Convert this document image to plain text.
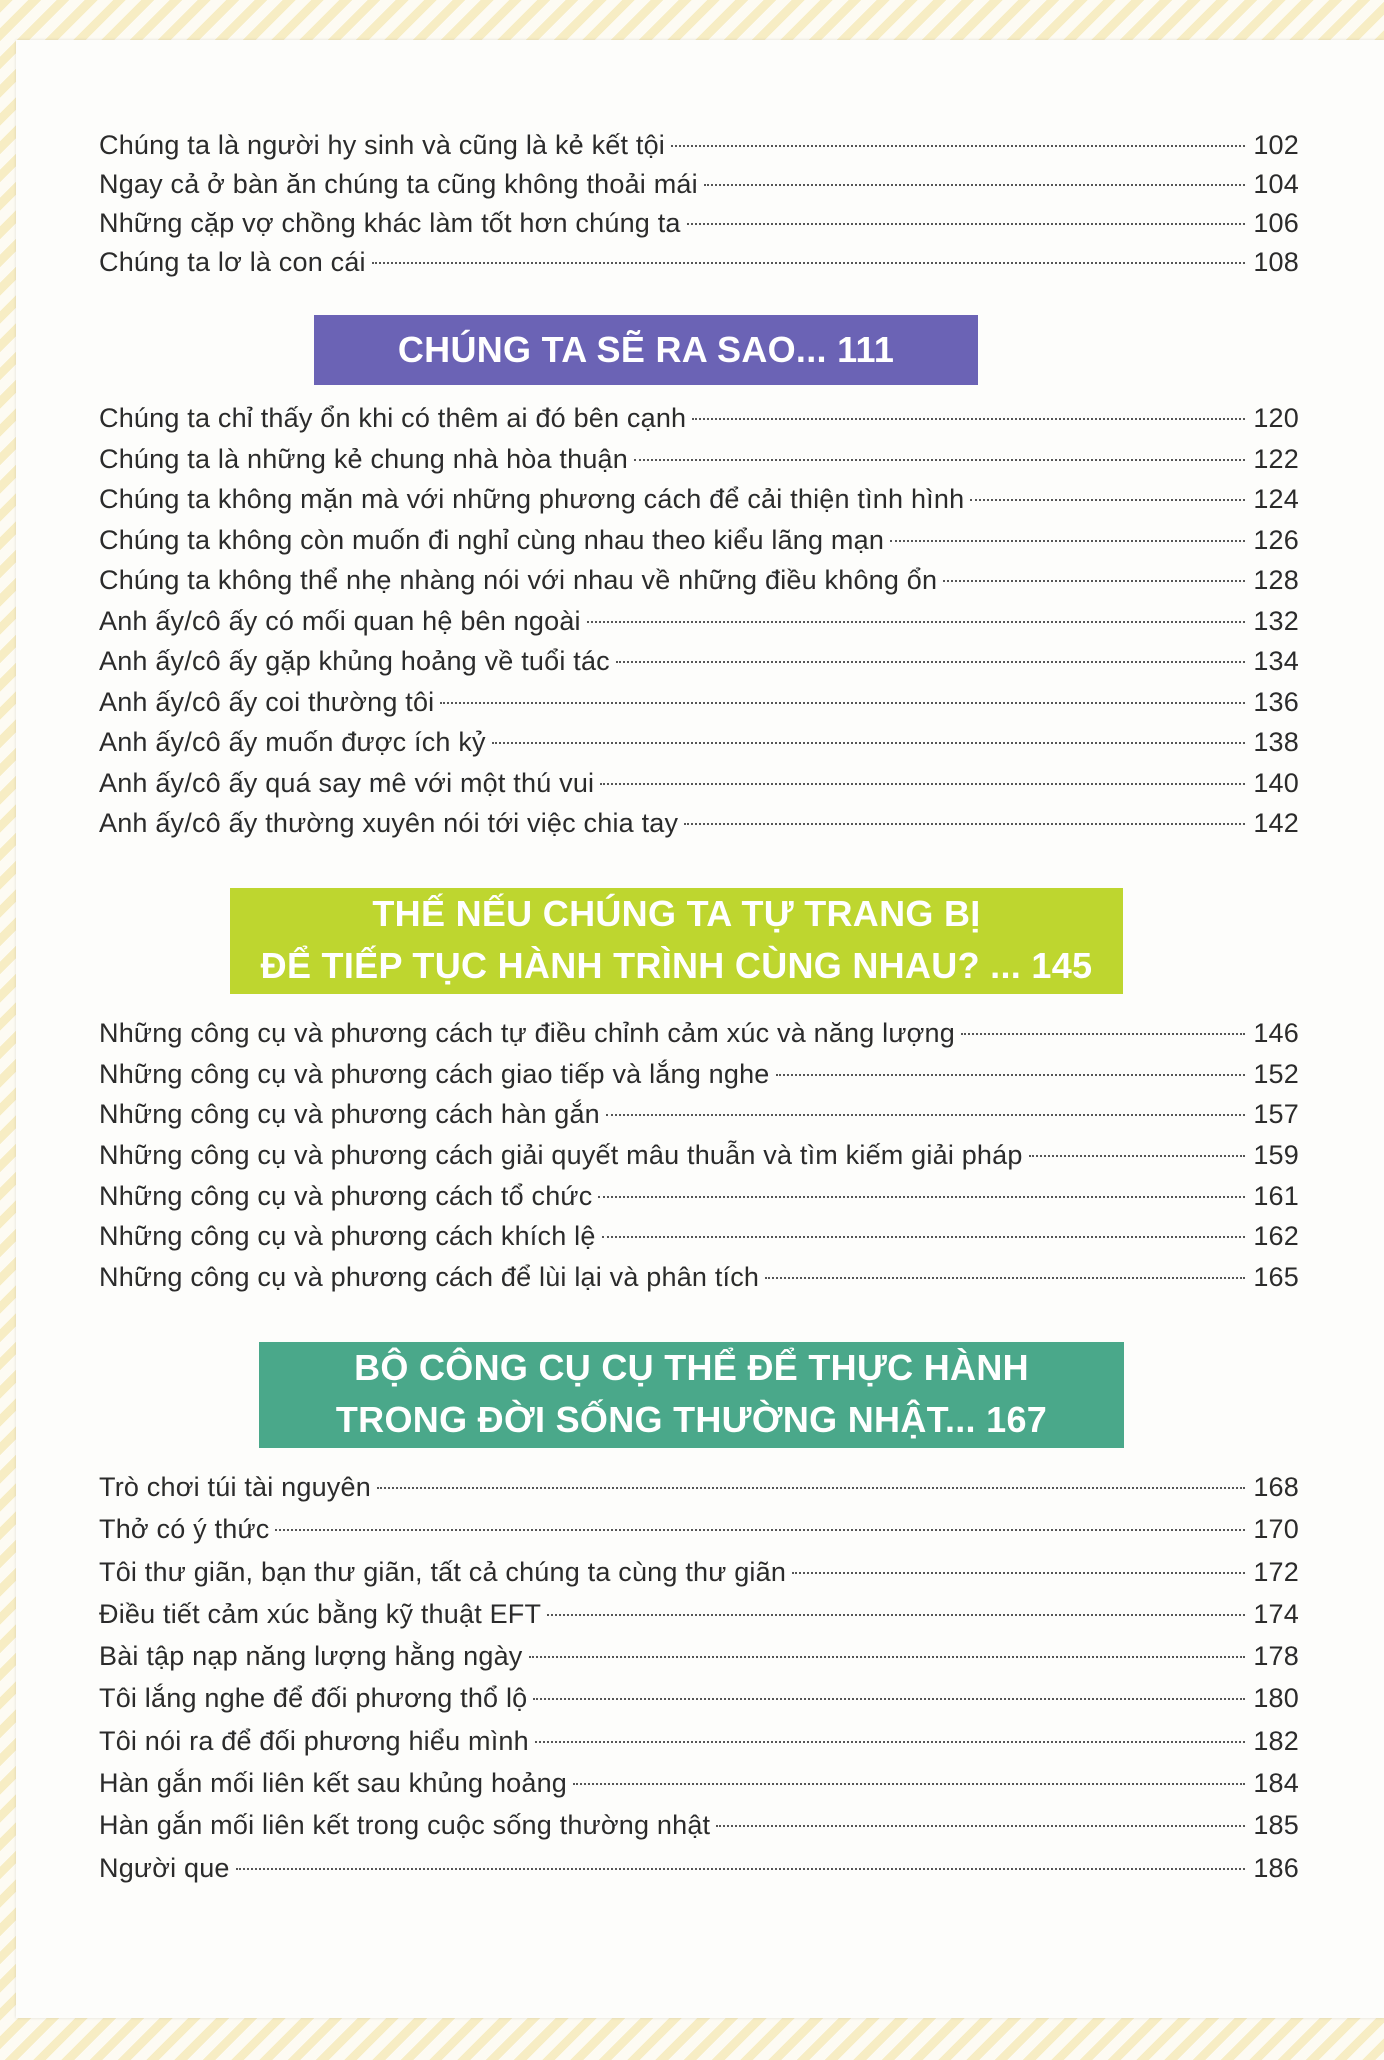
Chúng ta là người hy sinh và cũng là kẻ kết tội	102
Ngay cả ở bàn ăn chúng ta cũng không thoải mái	104
Những cặp vợ chồng khác làm tốt hơn chúng ta	106
Chúng ta lơ là con cái	108
CHÚNG TA SẼ RA SAO... 111
Chúng ta chỉ thấy ổn khi có thêm ai đó bên cạnh	120
Chúng ta là những kẻ chung nhà hòa thuận	122
Chúng ta không mặn mà với những phương cách để cải thiện tình hình	124
Chúng ta không còn muốn đi nghỉ cùng nhau theo kiểu lãng mạn	126
Chúng ta không thể nhẹ nhàng nói với nhau về những điều không ổn	128
Anh ấy/cô ấy có mối quan hệ bên ngoài	132
Anh ấy/cô ấy gặp khủng hoảng về tuổi tác	134
Anh ấy/cô ấy coi thường tôi	136
Anh ấy/cô ấy muốn được ích kỷ	138
Anh ấy/cô ấy quá say mê với một thú vui	140
Anh ấy/cô ấy thường xuyên nói tới việc chia tay	142
THẾ NẾU CHÚNG TA TỰ TRANG BỊ
ĐỂ TIẾP TỤC HÀNH TRÌNH CÙNG NHAU? ... 145
Những công cụ và phương cách tự điều chỉnh cảm xúc và năng lượng	146
Những công cụ và phương cách giao tiếp và lắng nghe	152
Những công cụ và phương cách hàn gắn	157
Những công cụ và phương cách giải quyết mâu thuẫn và tìm kiếm giải pháp	159
Những công cụ và phương cách tổ chức	161
Những công cụ và phương cách khích lệ	162
Những công cụ và phương cách để lùi lại và phân tích	165
BỘ CÔNG CỤ CỤ THỂ ĐỂ THỰC HÀNH
TRONG ĐỜI SỐNG THƯỜNG NHẬT... 167
Trò chơi túi tài nguyên	168
Thở có ý thức	170
Tôi thư giãn, bạn thư giãn, tất cả chúng ta cùng thư giãn	172
Điều tiết cảm xúc bằng kỹ thuật EFT	174
Bài tập nạp năng lượng hằng ngày	178
Tôi lắng nghe để đối phương thổ lộ	180
Tôi nói ra để đối phương hiểu mình	182
Hàn gắn mối liên kết sau khủng hoảng	184
Hàn gắn mối liên kết trong cuộc sống thường nhật	185
Người que	186
